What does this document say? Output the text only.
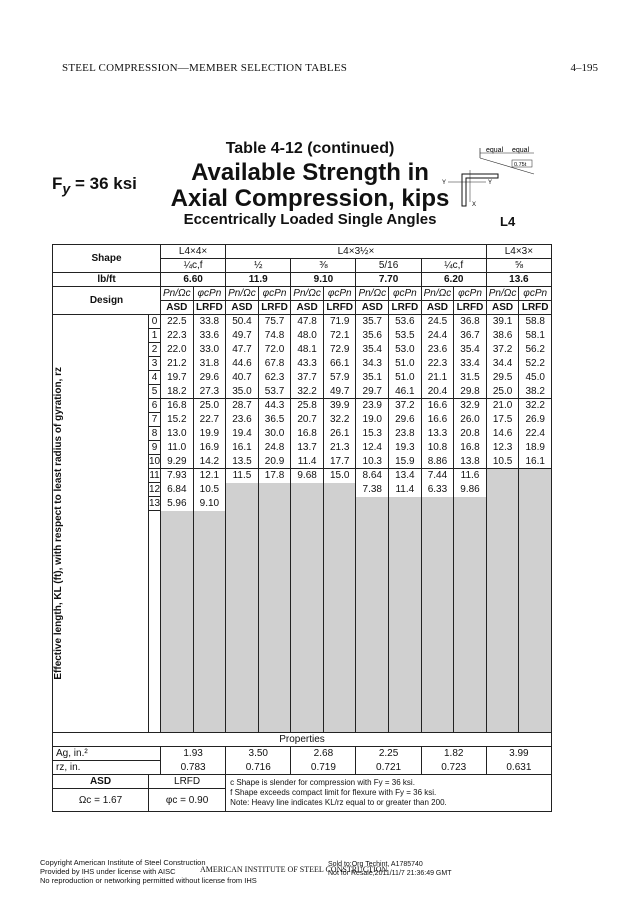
STEEL COMPRESSION—MEMBER SELECTION TABLES	4–195
$F_y = 36$ ksi
Table 4-12 (continued)
Available Strength in
Axial Compression, kips
Eccentrically Loaded Single Angles	L4
equal equal
0.75t
Y	Y
X
Shape		L4×4×		L4×3½×								L4×3×	
		¼c,f		½		⅜		5/16		¼c,f		⅝	
lb/ft		6.60		11.9		9.10		7.70		6.20		13.6	
Design		Pn/Ωc	φcPn	Pn/Ωc	φcPn	Pn/Ωc	φcPn	Pn/Ωc	φcPn	Pn/Ωc	φcPn	Pn/Ωc	φcPn
		ASD	LRFD	ASD	LRFD	ASD	LRFD	ASD	LRFD	ASD	LRFD	ASD	LRFD

Effective length, KL (ft), with respect to least radius of gyration, rz	0	22.5	33.8	50.4	75.7	47.8	71.9	35.7	53.6	24.5	36.8	39.1	58.8
	1	22.3	33.6	49.7	74.8	48.0	72.1	35.6	53.5	24.4	36.7	38.6	58.1
	2	22.0	33.0	47.7	72.0	48.1	72.9	35.4	53.0	23.6	35.4	37.2	56.2
	3	21.2	31.8	44.6	67.8	43.3	66.1	34.3	51.0	22.3	33.4	34.4	52.2
	4	19.7	29.6	40.7	62.3	37.7	57.9	35.1	51.0	21.1	31.5	29.5	45.0
	5	18.2	27.3	35.0	53.7	32.2	49.7	29.7	46.1	20.4	29.8	25.0	38.2
	6	16.8	25.0	28.7	44.3	25.8	39.9	23.9	37.2	16.6	32.9	21.0	32.2
	7	15.2	22.7	23.6	36.5	20.7	32.2	19.0	29.6	16.6	26.0	17.5	26.9
	8	13.0	19.9	19.4	30.0	16.8	26.1	15.3	23.8	13.3	20.8	14.6	22.4
	9	11.0	16.9	16.1	24.8	13.7	21.3	12.4	19.3	10.8	16.8	12.3	18.9
	10	9.29	14.2	13.5	20.9	11.4	17.7	10.3	15.9	8.86	13.8	10.5	16.1
	11	7.93	12.1	11.5	17.8	9.68	15.0	8.64	13.4	7.44	11.6		
	12	6.84	10.5					7.38	11.4	6.33	9.86		
	13	5.96	9.10										

Properties													
Ag, in.²		1.93		3.50		2.68		2.25		1.82		3.99	
rz, in.		0.783		0.716		0.719		0.721		0.723		0.631	
ASD	LRFD			c Shape is slender for compression with Fy = 36 ksi.
f Shape exceeds compact limit for flexure with Fy = 36 ksi.
Note: Heavy line indicates KL/rz equal to or greater than 200.									

Ωc = 1.67	φc = 0.90												
Copyright American Institute of Steel Construction
Provided by IHS under license with AISC
No reproduction or networking permitted without license from IHS
AMERICAN INSTITUTE OF STEEL CONSTRUCTION
Sold to:Org Techint, A1785740
Not for Resale,2011/11/7 21:36:49 GMT
